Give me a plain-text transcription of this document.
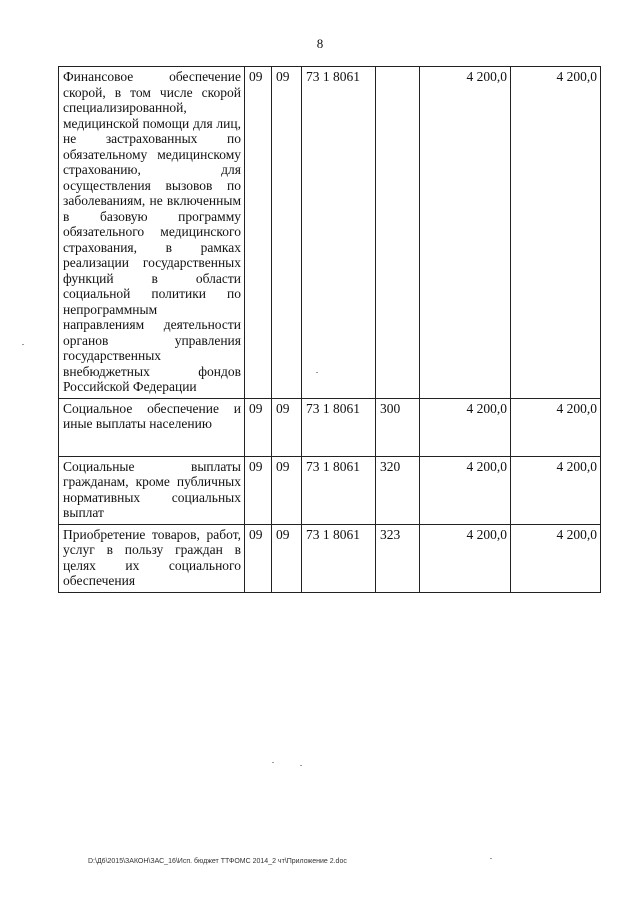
8
Финансовое обеспечение скорой, в том числе скорой специализированной, медицинской помощи для лиц, не застрахованных по обязательному медицинскому страхованию, для осуществления вызовов по заболеваниям, не включенным в базовую программу обязательного медицинского страхования, в рамках реализации государственных функций в области социальной политики по непрограммным направлениям деятельности органов управления государственных внебюджетных фондов Российской Федерации	09	09	73 1 8061		4 200,0	4 200,0
Социальное обеспечение и иные выплаты населению	09	09	73 1 8061	300	4 200,0	4 200,0
Социальные выплаты гражданам, кроме публичных нормативных социальных выплат	09	09	73 1 8061	320	4 200,0	4 200,0
Приобретение товаров, работ, услуг в пользу граждан в целях их социального обеспечения	09	09	73 1 8061	323	4 200,0	4 200,0
D:\Д6\2015\ЗАКОН\ЗАС_16\Исп. бюджет ТТФОМС 2014_2 чт\Приложение 2.doc
